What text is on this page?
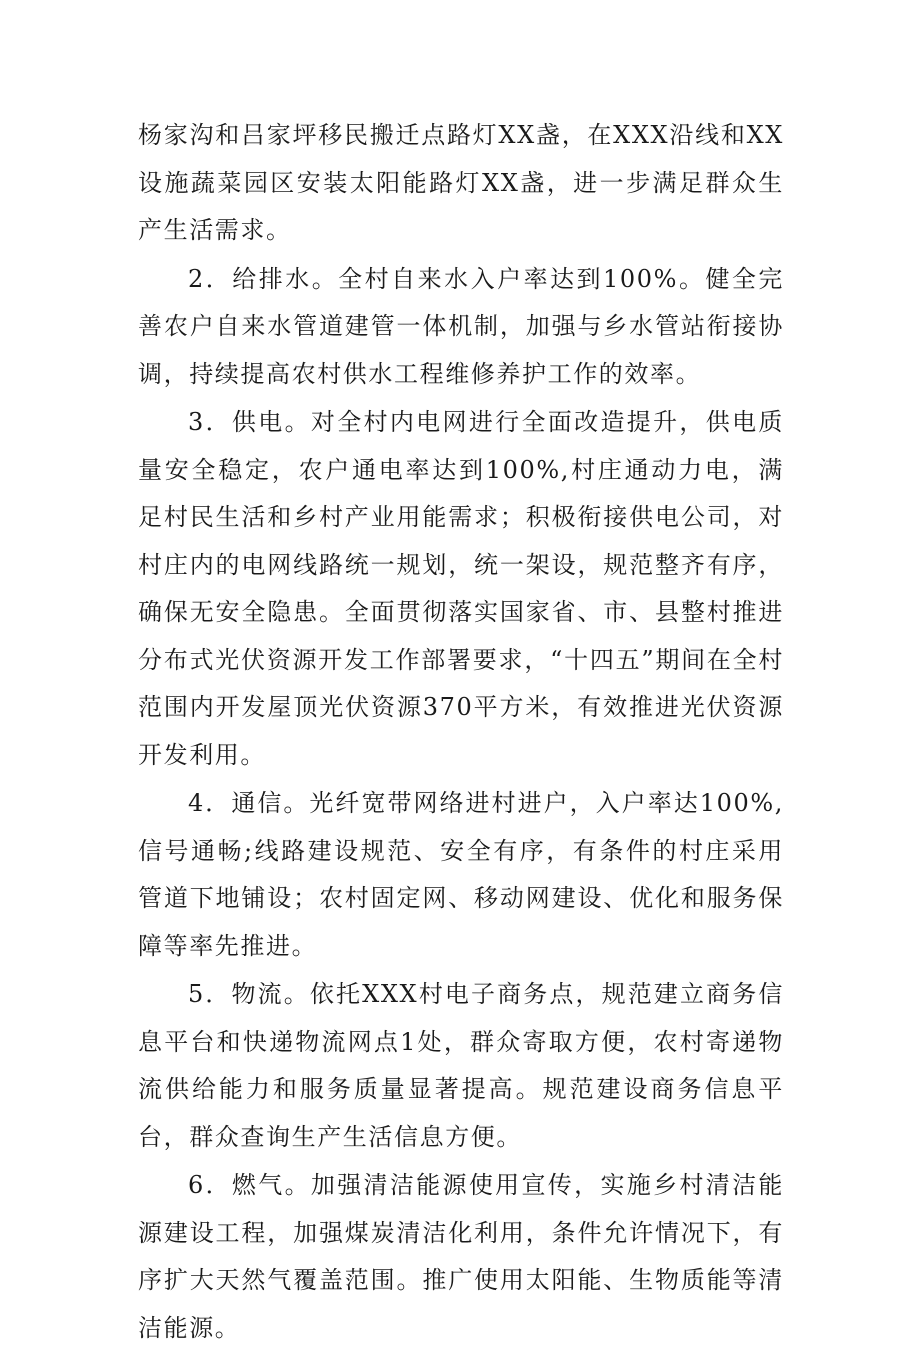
杨家沟和吕家坪移民搬迁点路灯XX盏，在XXX沿线和XX设施蔬菜园区安装太阳能路灯XX盏，进一步满足群众生产生活需求。

2．给排水。全村自来水入户率达到100%。健全完善农户自来水管道建管一体机制，加强与乡水管站衔接协调，持续提高农村供水工程维修养护工作的效率。

3．供电。对全村内电网进行全面改造提升，供电质量安全稳定，农户通电率达到100%,村庄通动力电，满足村民生活和乡村产业用能需求；积极衔接供电公司，对村庄内的电网线路统一规划，统一架设，规范整齐有序，确保无安全隐患。全面贯彻落实国家省、市、县整村推进分布式光伏资源开发工作部署要求，“十四五”期间在全村范围内开发屋顶光伏资源370平方米，有效推进光伏资源开发利用。

4．通信。光纤宽带网络进村进户，入户率达100%,信号通畅;线路建设规范、安全有序，有条件的村庄采用管道下地铺设；农村固定网、移动网建设、优化和服务保障等率先推进。

5．物流。依托XXX村电子商务点，规范建立商务信息平台和快递物流网点1处，群众寄取方便，农村寄递物流供给能力和服务质量显著提高。规范建设商务信息平台，群众查询生产生活信息方便。

6．燃气。加强清洁能源使用宣传，实施乡村清洁能源建设工程，加强煤炭清洁化利用，条件允许情况下，有序扩大天然气覆盖范围。推广使用太阳能、生物质能等清洁能源。
